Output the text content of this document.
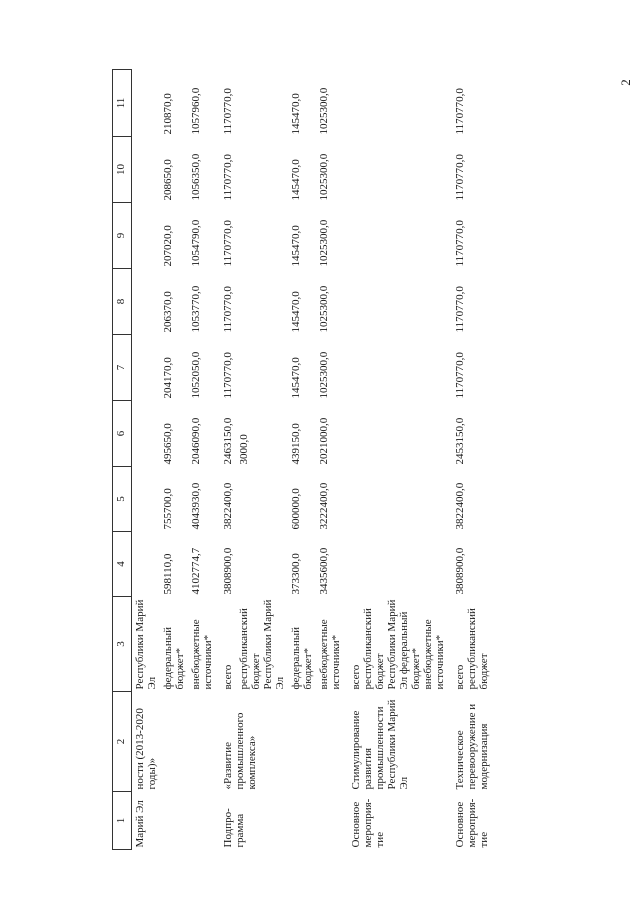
2
1	2	3	4	5	6	7	8	9	10	11
Марий Эл	ности (2013-2020 годы)»	Республики Марий Эл								
		федеральный бюджет*	598110,0	755700,0	495650,0	204170,0	206370,0	207020,0	208650,0	210870,0
		внебюджетные источники*	4102774,7	4043930,0	2046090,0	1052050,0	1053770,0	1054790,0	1056350,0	1057960,0
Подпро-грамма	«Развитие промышленного комплекса»	всего	3808900,0	3822400,0	2463150,0	1170770,0	1170770,0	1170770,0	1170770,0	1170770,0
		республиканский бюджет Республики Марий Эл			3000,0					
		федеральный бюджет*	373300,0	600000,0	439150,0	145470,0	145470,0	145470,0	145470,0	145470,0
		внебюджетные источники*	3435600,0	3222400,0	2021000,0	1025300,0	1025300,0	1025300,0	1025300,0	1025300,0
Основное мероприя-тие	Стимулирование развития промышленности Республики Марий Эл	всего республиканский бюджет Республики Марий Эл федеральный бюджет* внебюджетные источники*								
Основное мероприя-тие	Техническое перевооружение и модернизация	всего республиканский бюджет	3808900,0	3822400,0	2453150,0	1170770,0	1170770,0	1170770,0	1170770,0	1170770,0
